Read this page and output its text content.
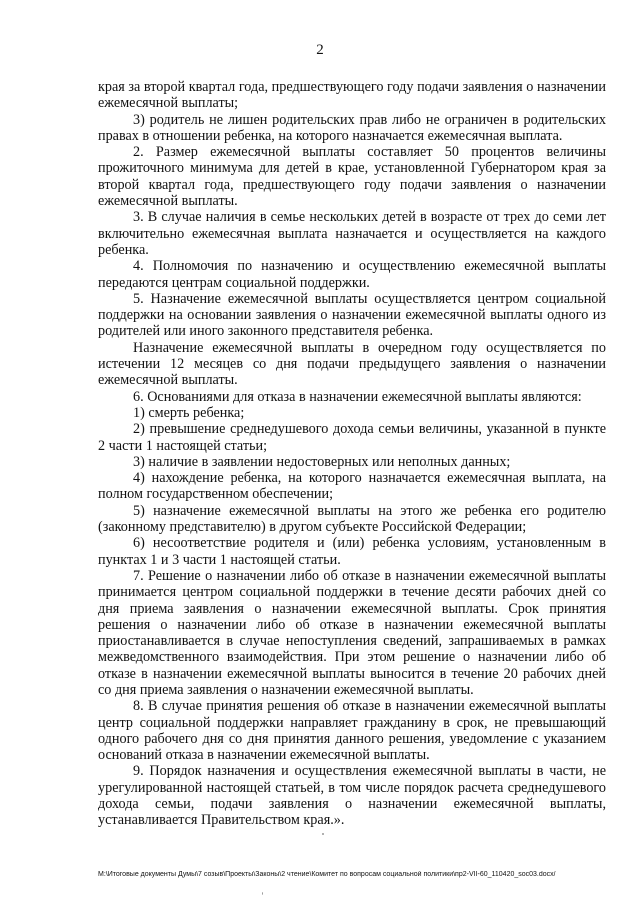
2

края за второй квартал года, предшествующего году подачи заявления о назначении ежемесячной выплаты;

3) родитель не лишен родительских прав либо не ограничен в родительских правах в отношении ребенка, на которого назначается ежемесячная выплата.

2. Размер ежемесячной выплаты составляет 50 процентов величины прожиточного минимума для детей в крае, установленной Губернатором края за второй квартал года, предшествующего году подачи заявления о назначении ежемесячной выплаты.

3. В случае наличия в семье нескольких детей в возрасте от трех до семи лет включительно ежемесячная выплата назначается и осуществляется на каждого ребенка.

4. Полномочия по назначению и осуществлению ежемесячной выплаты передаются центрам социальной поддержки.

5. Назначение ежемесячной выплаты осуществляется центром социальной поддержки на основании заявления о назначении ежемесячной выплаты одного из родителей или иного законного представителя ребенка.

Назначение ежемесячной выплаты в очередном году осуществляется по истечении 12 месяцев со дня подачи предыдущего заявления о назначении ежемесячной выплаты.

6. Основаниями для отказа в назначении ежемесячной выплаты являются:

1) смерть ребенка;

2) превышение среднедушевого дохода семьи величины, указанной в пункте 2 части 1 настоящей статьи;

3) наличие в заявлении недостоверных или неполных данных;

4) нахождение ребенка, на которого назначается ежемесячная выплата, на полном государственном обеспечении;

5) назначение ежемесячной выплаты на этого же ребенка его родителю (законному представителю) в другом субъекте Российской Федерации;

6) несоответствие родителя и (или) ребенка условиям, установленным в пунктах 1 и 3 части 1 настоящей статьи.

7. Решение о назначении либо об отказе в назначении ежемесячной выплаты принимается центром социальной поддержки в течение десяти рабочих дней со дня приема заявления о назначении ежемесячной выплаты. Срок принятия решения о назначении либо об отказе в назначении ежемесячной выплаты приостанавливается в случае непоступления сведений, запрашиваемых в рамках межведомственного взаимодействия. При этом решение о назначении либо об отказе в назначении ежемесячной выплаты выносится в течение 20 рабочих дней со дня приема заявления о назначении ежемесячной выплаты.

8. В случае принятия решения об отказе в назначении ежемесячной выплаты центр социальной поддержки направляет гражданину в срок, не превышающий одного рабочего дня со дня принятия данного решения, уведомление с указанием оснований отказа в назначении ежемесячной выплаты.

9. Порядок назначения и осуществления ежемесячной выплаты в части, не урегулированной настоящей статьей, в том числе порядок расчета среднедушевого дохода семьи, подачи заявления о назначении ежемесячной выплаты, устанавливается Правительством края.».

M:\Итоговые документы Думы\7 созыв\Проекты\Законы\2 чтение\Комитет по вопросам социальной политики\пр2-VII-60_110420_soc03.docx/
